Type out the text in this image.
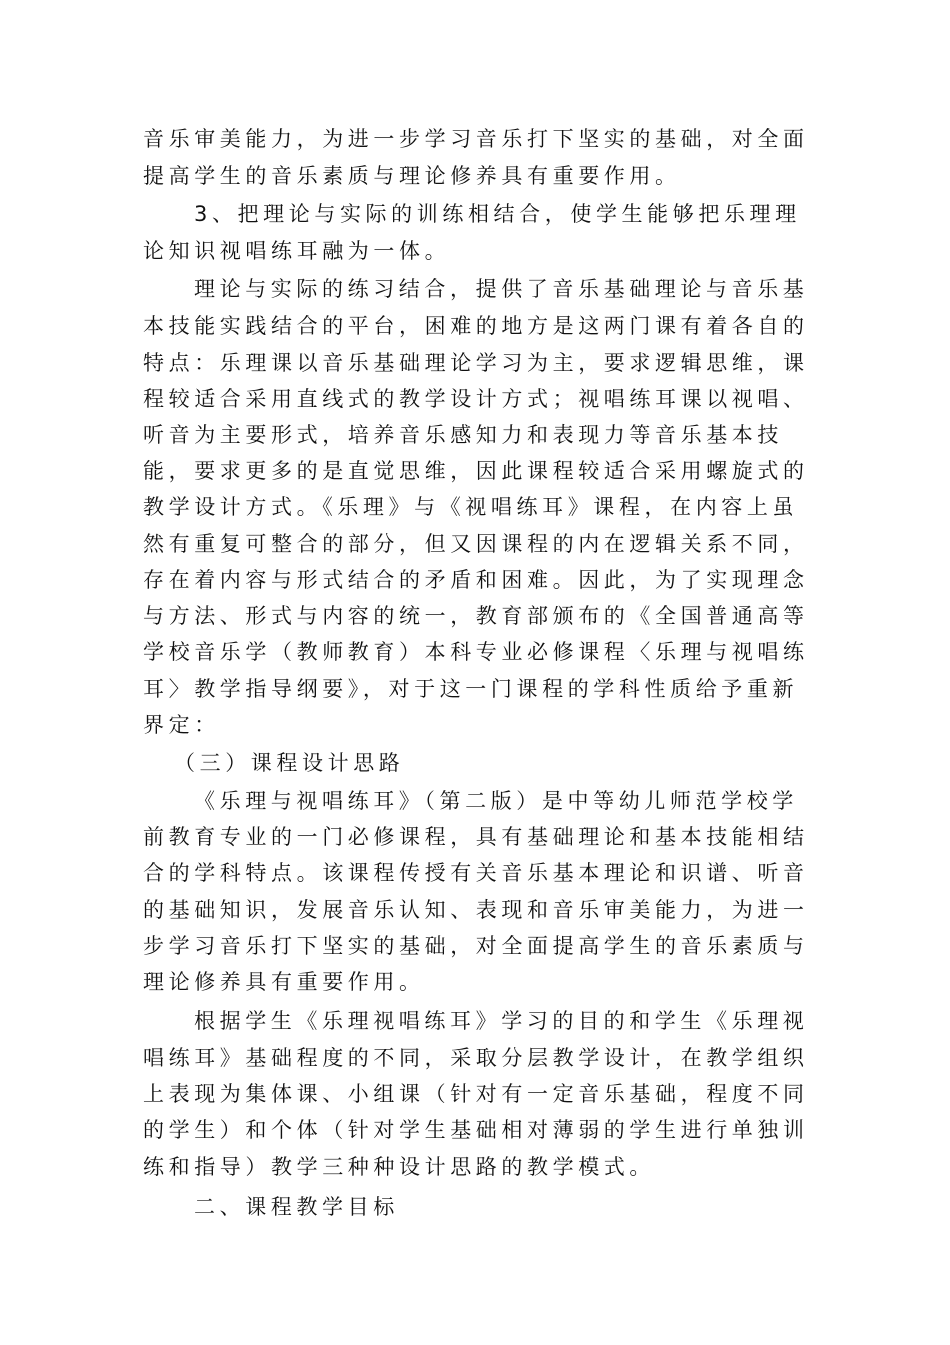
音乐审美能力，为进一步学习音乐打下坚实的基础，对全面
提高学生的音乐素质与理论修养具有重要作用。
3、把理论与实际的训练相结合，使学生能够把乐理理
论知识视唱练耳融为一体。
理论与实际的练习结合，提供了音乐基础理论与音乐基
本技能实践结合的平台，困难的地方是这两门课有着各自的
特点：乐理课以音乐基础理论学习为主，要求逻辑思维，课
程较适合采用直线式的教学设计方式；视唱练耳课以视唱、
听音为主要形式，培养音乐感知力和表现力等音乐基本技
能，要求更多的是直觉思维，因此课程较适合采用螺旋式的
教学设计方式。《乐理》与《视唱练耳》课程，在内容上虽
然有重复可整合的部分，但又因课程的内在逻辑关系不同，
存在着内容与形式结合的矛盾和困难。因此，为了实现理念
与方法、形式与内容的统一，教育部颁布的《全国普通高等
学校音乐学（教师教育）本科专业必修课程〈乐理与视唱练
耳〉教学指导纲要》，对于这一门课程的学科性质给予重新
界定：
（三）课程设计思路
《乐理与视唱练耳》（第二版）是中等幼儿师范学校学
前教育专业的一门必修课程，具有基础理论和基本技能相结
合的学科特点。该课程传授有关音乐基本理论和识谱、听音
的基础知识，发展音乐认知、表现和音乐审美能力，为进一
步学习音乐打下坚实的基础，对全面提高学生的音乐素质与
理论修养具有重要作用。
根据学生《乐理视唱练耳》学习的目的和学生《乐理视
唱练耳》基础程度的不同，采取分层教学设计，在教学组织
上表现为集体课、小组课（针对有一定音乐基础，程度不同
的学生）和个体（针对学生基础相对薄弱的学生进行单独训
练和指导）教学三种种设计思路的教学模式。
二、课程教学目标
